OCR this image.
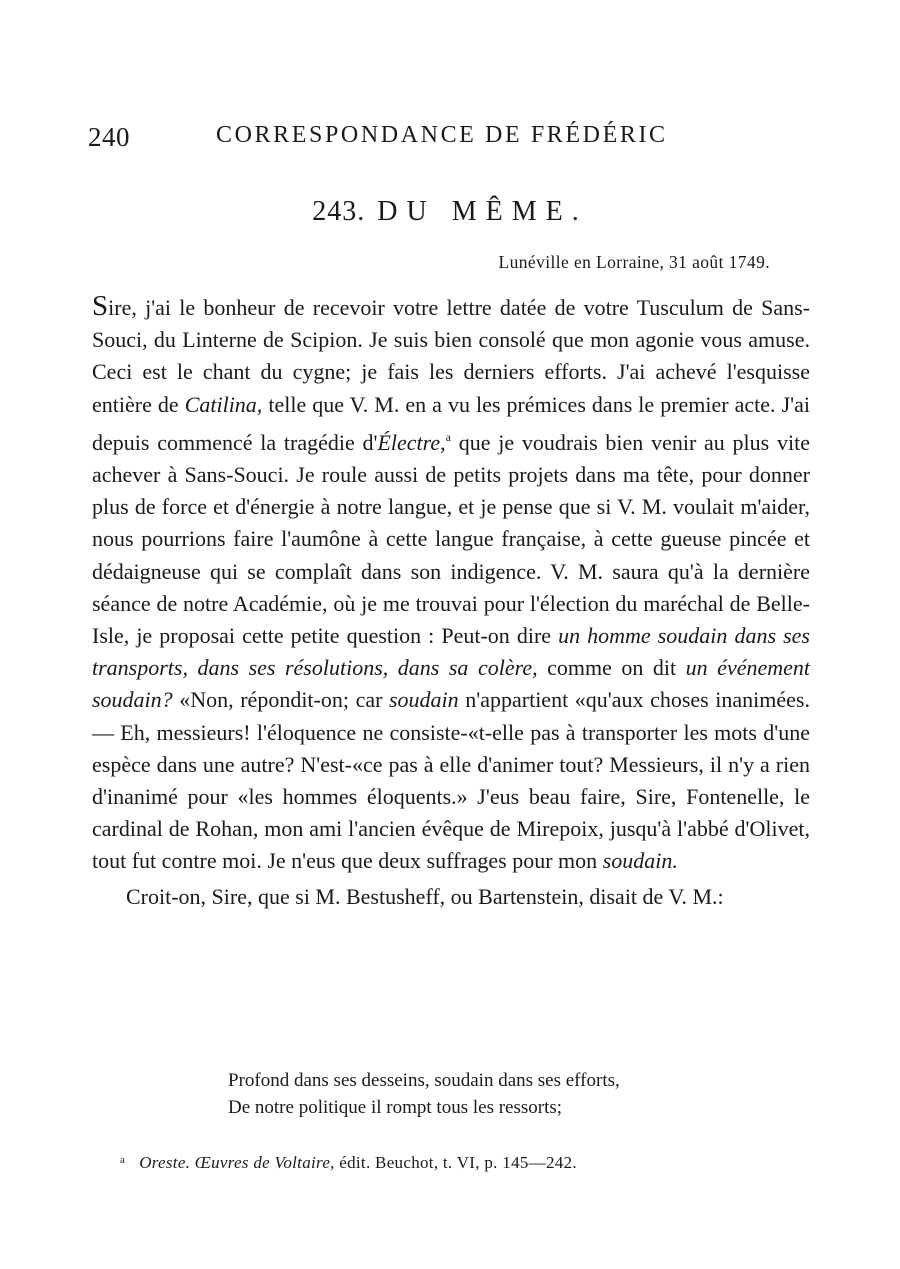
240	CORRESPONDANCE DE FRÉDÉRIC
243. DU MÊME.
Lunéville en Lorraine, 31 août 1749.

Sire, j'ai le bonheur de recevoir votre lettre datée de votre Tusculum de Sans-Souci, du Linterne de Scipion. Je suis bien consolé que mon agonie vous amuse. Ceci est le chant du cygne; je fais les derniers efforts. J'ai achevé l'esquisse entière de Catilina, telle que V. M. en a vu les prémices dans le premier acte. J'ai depuis commencé la tragédie d'Électre,$^a$ que je voudrais bien venir au plus vite achever à Sans-Souci. Je roule aussi de petits projets dans ma tête, pour donner plus de force et d'énergie à notre langue, et je pense que si V. M. voulait m'aider, nous pourrions faire l'aumône à cette langue française, à cette gueuse pincée et dédaigneuse qui se complaît dans son indigence. V. M. saura qu'à la dernière séance de notre Académie, où je me trouvai pour l'élection du maréchal de Belle-Isle, je proposai cette petite question : Peut-on dire un homme soudain dans ses transports, dans ses résolutions, dans sa colère, comme on dit un événement soudain? «Non, répondit-on; car soudain n'appartient «qu'aux choses inanimées. — Eh, messieurs! l'éloquence ne consiste-«t-elle pas à transporter les mots d'une espèce dans une autre? N'est-«ce pas à elle d'animer tout? Messieurs, il n'y a rien d'inanimé pour «les hommes éloquents.» J'eus beau faire, Sire, Fontenelle, le cardinal de Rohan, mon ami l'ancien évêque de Mirepoix, jusqu'à l'abbé d'Olivet, tout fut contre moi. Je n'eus que deux suffrages pour mon soudain.

Croit-on, Sire, que si M. Bestusheff, ou Bartenstein, disait de V. M.:

Profond dans ses desseins, soudain dans ses efforts,
De notre politique il rompt tous les ressorts;
$^a$ Oreste. Œuvres de Voltaire, édit. Beuchot, t. VI, p. 145—242.
